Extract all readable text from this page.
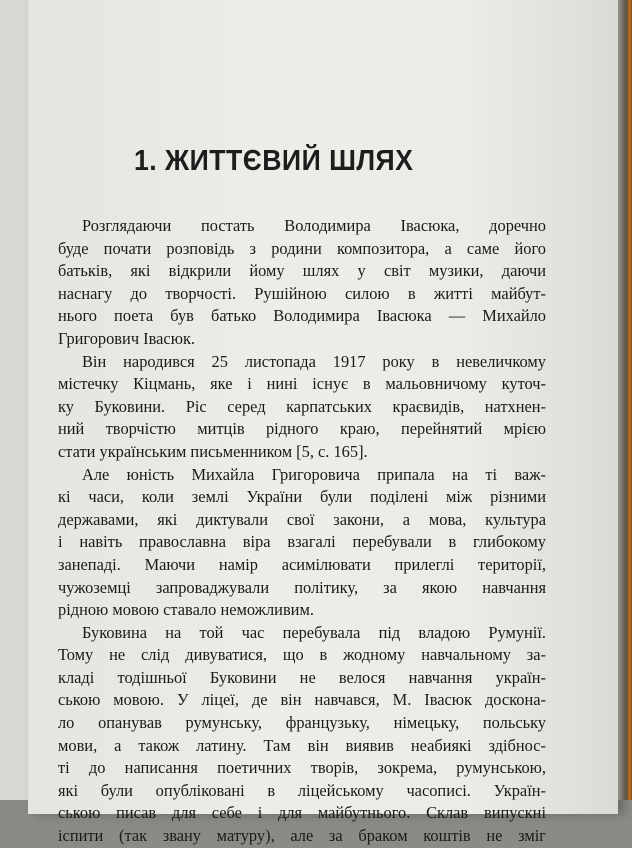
1. ЖИТТЄВИЙ ШЛЯХ
Розглядаючи постать Володимира Івасюка, доречно
буде почати розповідь з родини композитора, а саме його
батьків, які відкрили йому шлях у світ музики, даючи
наснагу до творчості. Рушійною силою в житті майбут-
нього поета був батько Володимира Івасюка — Михайло
Григорович Івасюк.
Він народився 25 листопада 1917 року в невеличкому
містечку Кіцмань, яке і нині існує в мальовничому куточ-
ку Буковини. Ріс серед карпатських краєвидів, натхнен-
ний творчістю митців рідного краю, перейнятий мрією
стати українським письменником [5, с. 165].
Але юність Михайла Григоровича припала на ті важ-
кі часи, коли землі України були поділені між різними
державами, які диктували свої закони, а мова, культура
і навіть православна віра взагалі перебували в глибокому
занепаді. Маючи намір асимілювати прилеглі території,
чужоземці запроваджували політику, за якою навчання
рідною мовою ставало неможливим.
Буковина на той час перебувала під владою Румунії.
Тому не слід дивуватися, що в жодному навчальному за-
кладі тодішньої Буковини не велося навчання україн-
ською мовою. У ліцеї, де він навчався, М. Івасюк доскона-
ло опанував румунську, французьку, німецьку, польську
мови, а також латину. Там він виявив неабиякі здібнос-
ті до написання поетичних творів, зокрема, румунською,
які були опубліковані в ліцейському часописі. Україн-
ською писав для себе і для майбутнього. Склав випускні
іспити (так звану матуру), але за браком коштів не зміг
